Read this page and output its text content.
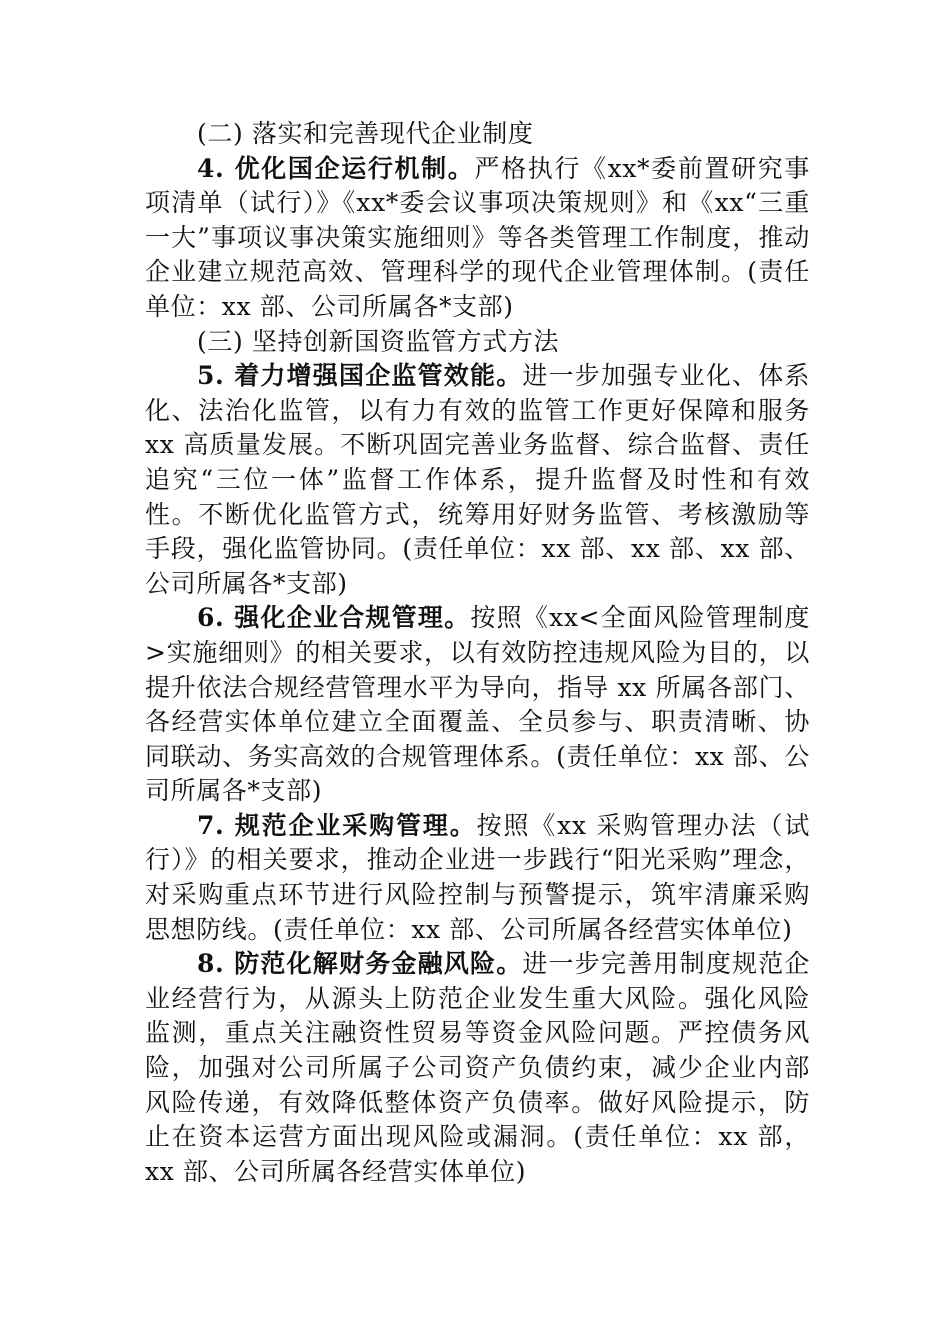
(二) 落实和完善现代企业制度

4. 优化国企运行机制。严格执行《xx*委前置研究事项清单（试行）》《xx*委会议事项决策规则》和《xx“三重一大”事项议事决策实施细则》等各类管理工作制度，推动企业建立规范高效、管理科学的现代企业管理体制。(责任单位：xx 部、公司所属各*支部)

(三) 坚持创新国资监管方式方法

5. 着力增强国企监管效能。进一步加强专业化、体系化、法治化监管，以有力有效的监管工作更好保障和服务 xx 高质量发展。不断巩固完善业务监督、综合监督、责任追究“三位一体”监督工作体系，提升监督及时性和有效性。不断优化监管方式，统筹用好财务监管、考核激励等手段，强化监管协同。(责任单位：xx 部、xx 部、xx 部、公司所属各*支部)

6. 强化企业合规管理。按照《xx<全面风险管理制度>实施细则》的相关要求，以有效防控违规风险为目的，以提升依法合规经营管理水平为导向，指导 xx 所属各部门、各经营实体单位建立全面覆盖、全员参与、职责清晰、协同联动、务实高效的合规管理体系。(责任单位：xx 部、公司所属各*支部)

7. 规范企业采购管理。按照《xx 采购管理办法（试行）》的相关要求，推动企业进一步践行“阳光采购”理念，对采购重点环节进行风险控制与预警提示，筑牢清廉采购思想防线。(责任单位：xx 部、公司所属各经营实体单位)

8. 防范化解财务金融风险。进一步完善用制度规范企业经营行为，从源头上防范企业发生重大风险。强化风险监测，重点关注融资性贸易等资金风险问题。严控债务风险，加强对公司所属子公司资产负债约束，减少企业内部风险传递，有效降低整体资产负债率。做好风险提示，防止在资本运营方面出现风险或漏洞。(责任单位：xx 部，xx 部、公司所属各经营实体单位)
